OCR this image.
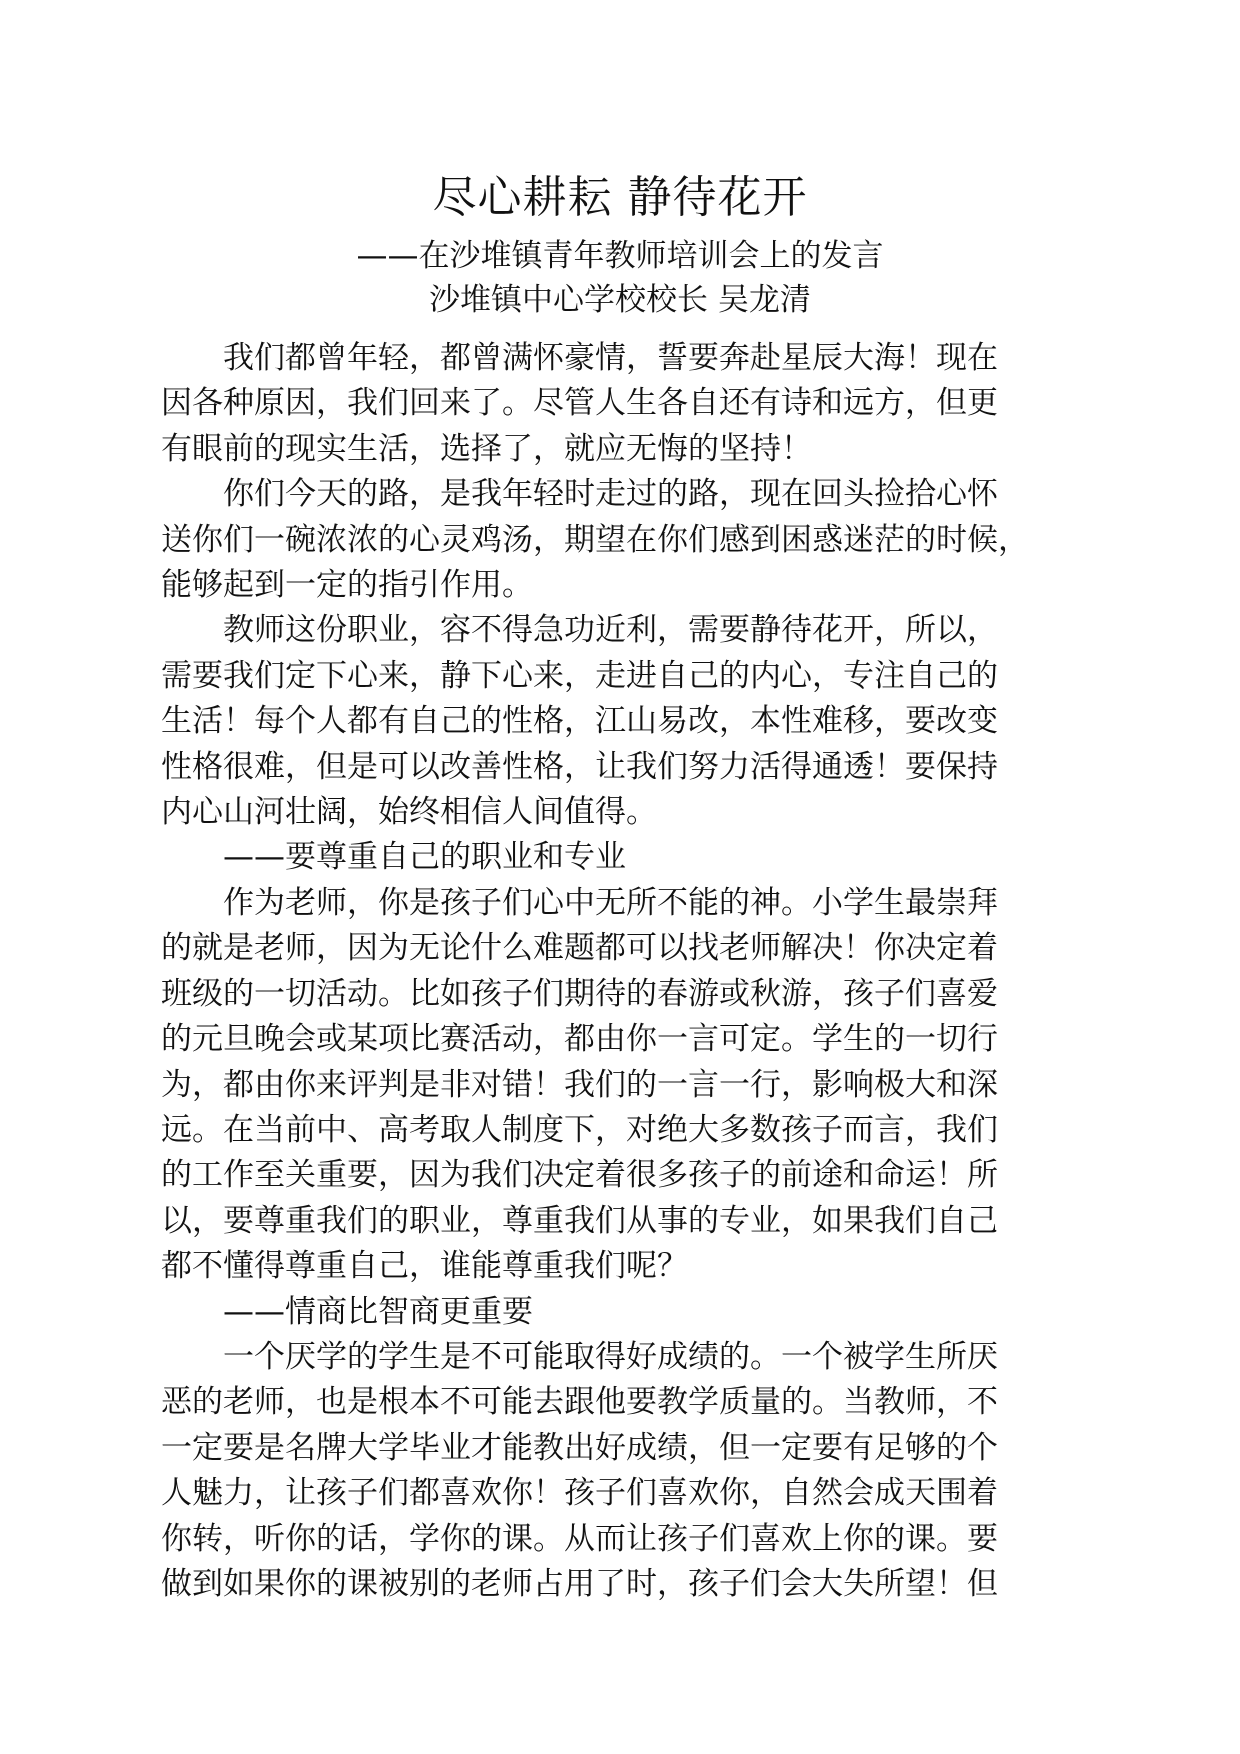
尽心耕耘 静待花开
——在沙堆镇青年教师培训会上的发言
沙堆镇中心学校校长 吴龙清

　　我们都曾年轻，都曾满怀豪情，誓要奔赴星辰大海！现在

因各种原因，我们回来了。尽管人生各自还有诗和远方，但更

有眼前的现实生活，选择了，就应无悔的坚持！

　　你们今天的路，是我年轻时走过的路，现在回头捡拾心怀

送你们一碗浓浓的心灵鸡汤，期望在你们感到困惑迷茫的时候，

能够起到一定的指引作用。

　　教师这份职业，容不得急功近利，需要静待花开，所以，

需要我们定下心来，静下心来，走进自己的内心，专注自己的

生活！每个人都有自己的性格，江山易改，本性难移，要改变

性格很难，但是可以改善性格，让我们努力活得通透！要保持

内心山河壮阔，始终相信人间值得。

　　——要尊重自己的职业和专业

　　作为老师，你是孩子们心中无所不能的神。小学生最崇拜

的就是老师，因为无论什么难题都可以找老师解决！你决定着

班级的一切活动。比如孩子们期待的春游或秋游，孩子们喜爱

的元旦晚会或某项比赛活动，都由你一言可定。学生的一切行

为，都由你来评判是非对错！我们的一言一行，影响极大和深

远。在当前中、高考取人制度下，对绝大多数孩子而言，我们

的工作至关重要，因为我们决定着很多孩子的前途和命运！所

以，要尊重我们的职业，尊重我们从事的专业，如果我们自己

都不懂得尊重自己，谁能尊重我们呢？

　　——情商比智商更重要

　　一个厌学的学生是不可能取得好成绩的。一个被学生所厌

恶的老师，也是根本不可能去跟他要教学质量的。当教师，不

一定要是名牌大学毕业才能教出好成绩，但一定要有足够的个

人魅力，让孩子们都喜欢你！孩子们喜欢你，自然会成天围着

你转，听你的话，学你的课。从而让孩子们喜欢上你的课。要

做到如果你的课被别的老师占用了时，孩子们会大失所望！但
